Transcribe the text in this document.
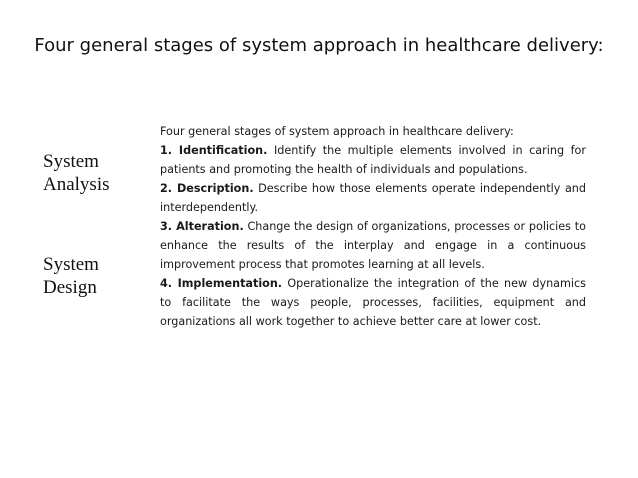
Four general stages of system approach in healthcare delivery:
System
Analysis
System
Design
Four general stages of system approach in healthcare delivery:
1. Identification. Identify the multiple elements involved in caring for patients and promoting the health of individuals and populations.
2. Description. Describe how those elements operate independently and interdependently.
3. Alteration. Change the design of organizations, processes or policies to enhance the results of the interplay and engage in a continuous improvement process that promotes learning at all levels.
4. Implementation. Operationalize the integration of the new dynamics to facilitate the ways people, processes, facilities, equipment and organizations all work together to achieve better care at lower cost.
